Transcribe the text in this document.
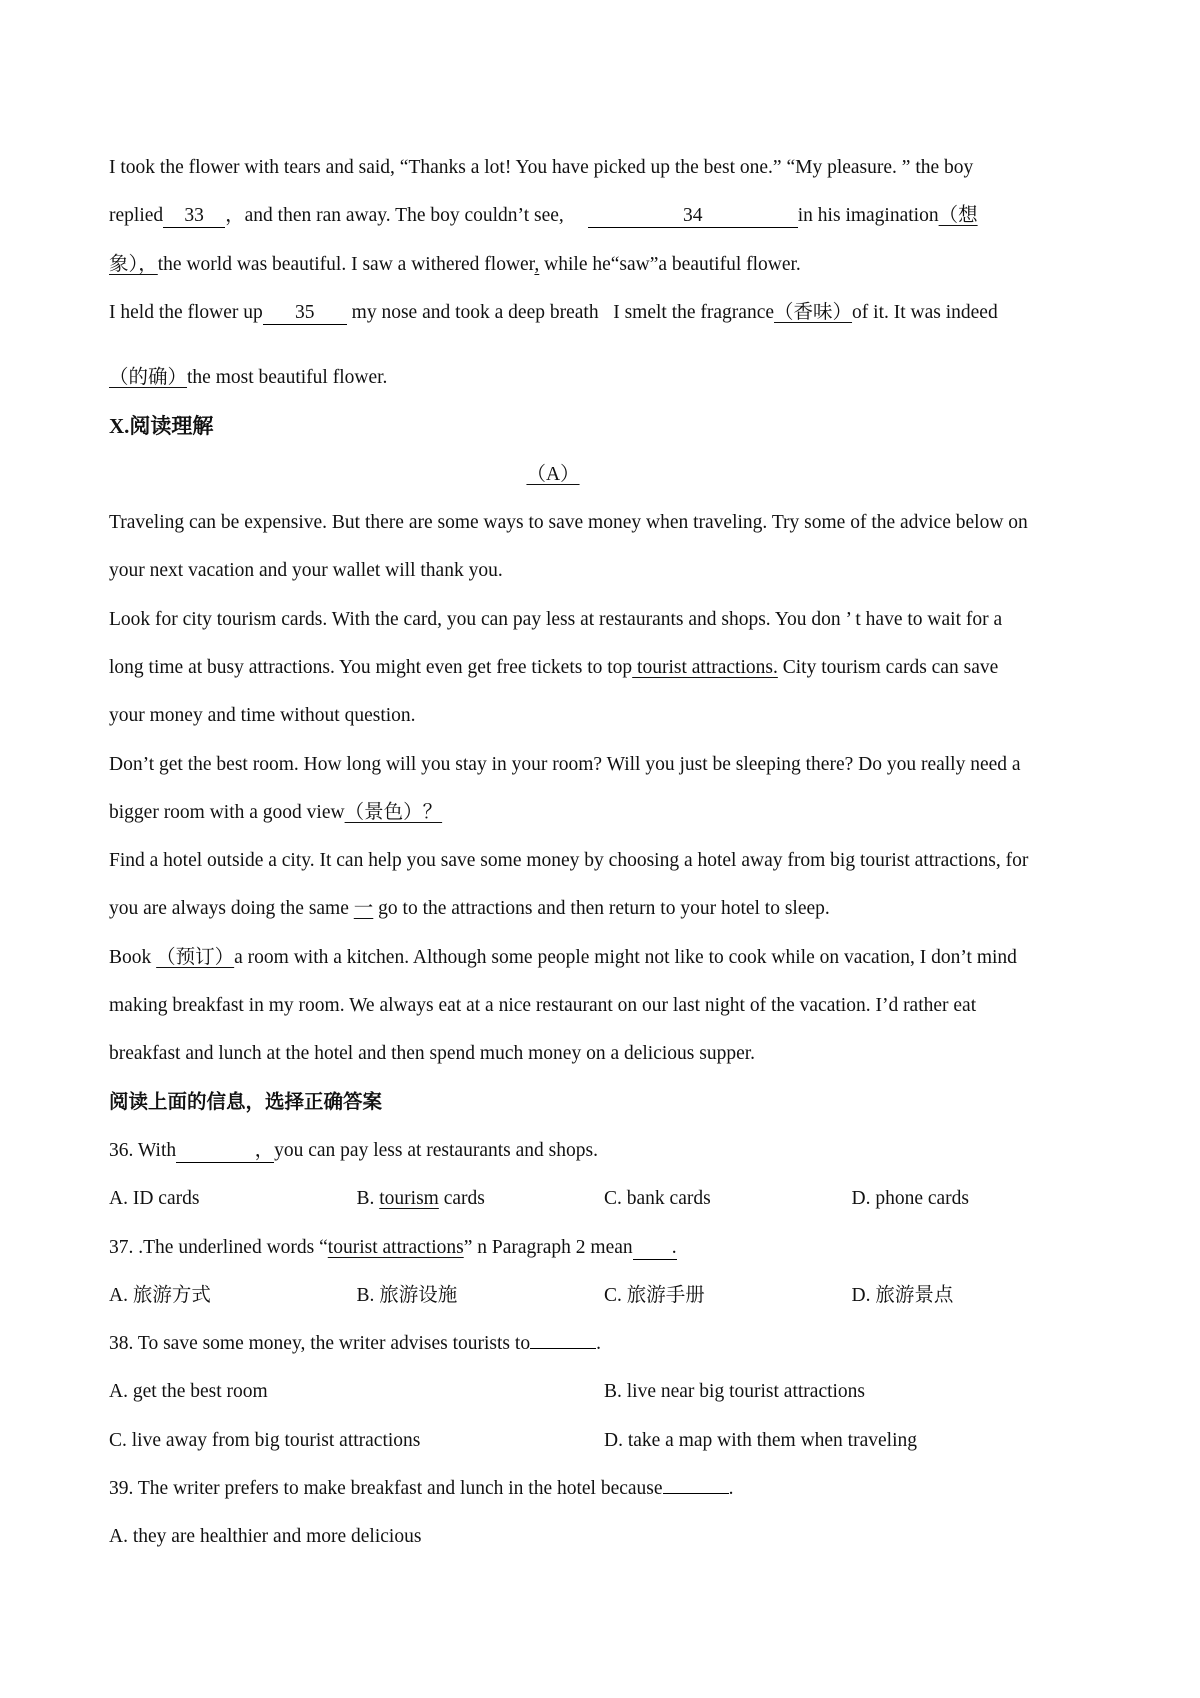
I took the flower with tears and said, “Thanks a lot! You have picked up the best one.” “My pleasure. ” the boy
replied 33 ，and then ran away. The boy couldn’t see,	34	in his imagination（想
象），the world was beautiful. I saw a withered flower, while he“saw”a beautiful flower.
I held the flower up 35 my nose and took a deep breath   I smelt the fragrance（香味）of it. It was indeed
（的确）the most beautiful flower.
X.阅读理解
（A）
Traveling can be expensive. But there are some ways to save money when traveling. Try some of the advice below on
your next vacation and your wallet will thank you.
Look for city tourism cards. With the card, you can pay less at restaurants and shops. You don ’ t have to wait for a
long time at busy attractions. You might even get free tickets to top tourist attractions. City tourism cards can save
your money and time without question.
Don’t get the best room. How long will you stay in your room? Will you just be sleeping there? Do you really need a
bigger room with a good view（景色）？
Find a hotel outside a city. It can help you save some money by choosing a hotel away from big tourist attractions, for
you are always doing the same 一 go to the attractions and then return to your hotel to sleep.
Book （预订）a room with a kitchen. Although some people might not like to cook while on vacation, I don’t mind
making breakfast in my room. We always eat at a nice restaurant on our last night of the vacation. I’d rather eat
breakfast and lunch at the hotel and then spend much money on a delicious supper.
阅读上面的信息，选择正确答案
36. With	，you can pay less at restaurants and shops.
A. ID cards	B. tourism cards	C. bank cards	D. phone cards
37. .The underlined words “tourist attractions” n Paragraph 2 mean .
A. 旅游方式	B. 旅游设施	C. 旅游手册	D. 旅游景点
38. To save some money, the writer advises tourists to	.
A. get the best room	B. live near big tourist attractions
C. live away from big tourist attractions	D. take a map with them when traveling
39. The writer prefers to make breakfast and lunch in the hotel because	.
A. they are healthier and more delicious
